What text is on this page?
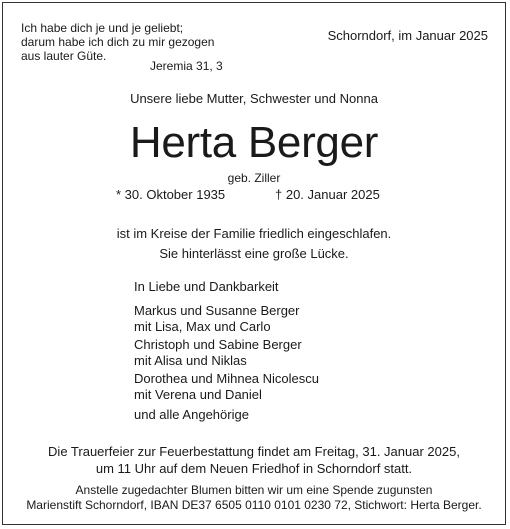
Ich habe dich je und je geliebt;
darum habe ich dich zu mir gezogen
aus lauter Güte.
Jeremia 31, 3
Schorndorf, im Januar 2025
Unsere liebe Mutter, Schwester und Nonna
Herta Berger
geb. Ziller
* 30. Oktober 1935	† 20. Januar 2025
ist im Kreise der Familie friedlich eingeschlafen.
Sie hinterlässt eine große Lücke.
In Liebe und Dankbarkeit
Markus und Susanne Berger
mit Lisa, Max und Carlo
Christoph und Sabine Berger
mit Alisa und Niklas
Dorothea und Mihnea Nicolescu
mit Verena und Daniel
und alle Angehörige
Die Trauerfeier zur Feuerbestattung findet am Freitag, 31. Januar 2025,
um 11 Uhr auf dem Neuen Friedhof in Schorndorf statt.
Anstelle zugedachter Blumen bitten wir um eine Spende zugunsten
Marienstift Schorndorf, IBAN DE37 6505 0110 0101 0230 72, Stichwort: Herta Berger.
